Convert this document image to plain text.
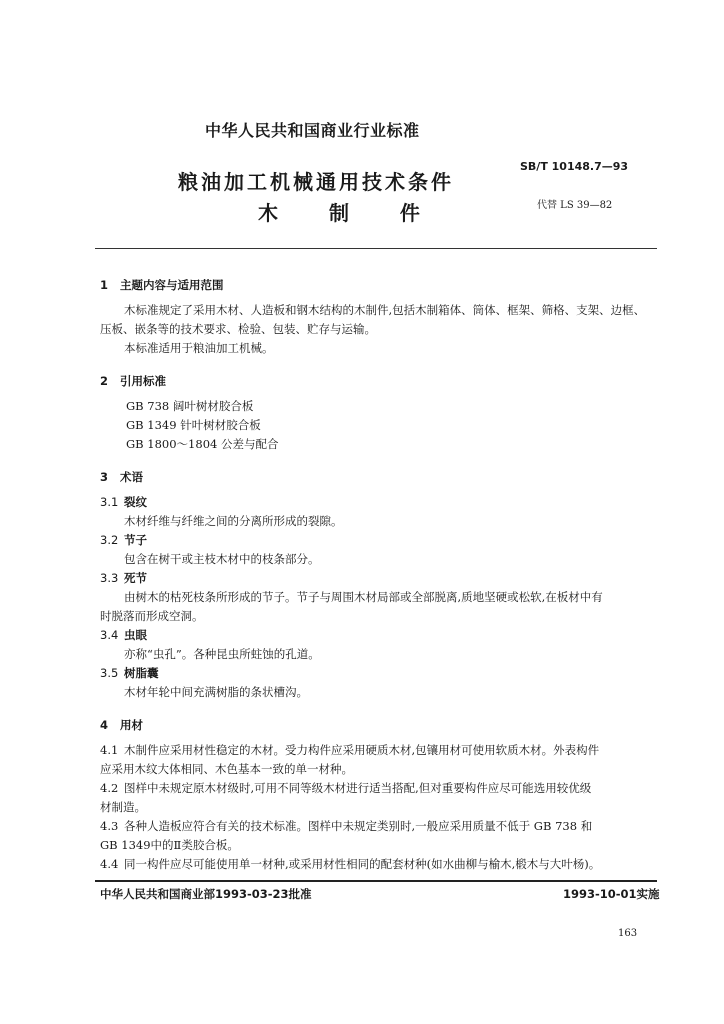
中华人民共和国商业行业标准
粮油加工机械通用技术条件
木 制 件
SB/T 10148.7—93
代替 LS 39—82

1 主题内容与适用范围

木标准规定了采用木材、人造板和钢木结构的木制件,包括木制箱体、筒体、框架、筛格、支架、边框、

压板、嵌条等的技术要求、检验、包装、贮存与运输。

本标准适用于粮油加工机械。

2 引用标准

GB 738 阔叶树材胶合板

GB 1349 针叶树材胶合板

GB 1800～1804 公差与配合

3 术语

3.1 裂纹

木材纤维与纤维之间的分离所形成的裂隙。

3.2 节子

包含在树干或主枝木材中的枝条部分。

3.3 死节

由树木的枯死枝条所形成的节子。节子与周围木材局部或全部脱离,质地坚硬或松软,在板材中有

时脱落而形成空洞。

3.4 虫眼

亦称“虫孔”。各种昆虫所蛀蚀的孔道。

3.5 树脂囊

木材年轮中间充满树脂的条状槽沟。

4 用材

4.1 木制件应采用材性稳定的木材。受力构件应采用硬质木材,包镶用材可使用软质木材。外表构件

应采用木纹大体相同、木色基本一致的单一材种。

4.2 图样中未规定原木材级时,可用不同等级木材进行适当搭配,但对重要构件应尽可能选用较优级

材制造。

4.3 各种人造板应符合有关的技术标准。图样中未规定类别时,一般应采用质量不低于 GB 738 和

GB 1349中的Ⅱ类胶合板。

4.4 同一构件应尽可能使用单一材种,或采用材性相同的配套材种(如水曲柳与榆木,椴木与大叶杨)。

中华人民共和国商业部1993-03-23批准	1993-10-01实施
163
